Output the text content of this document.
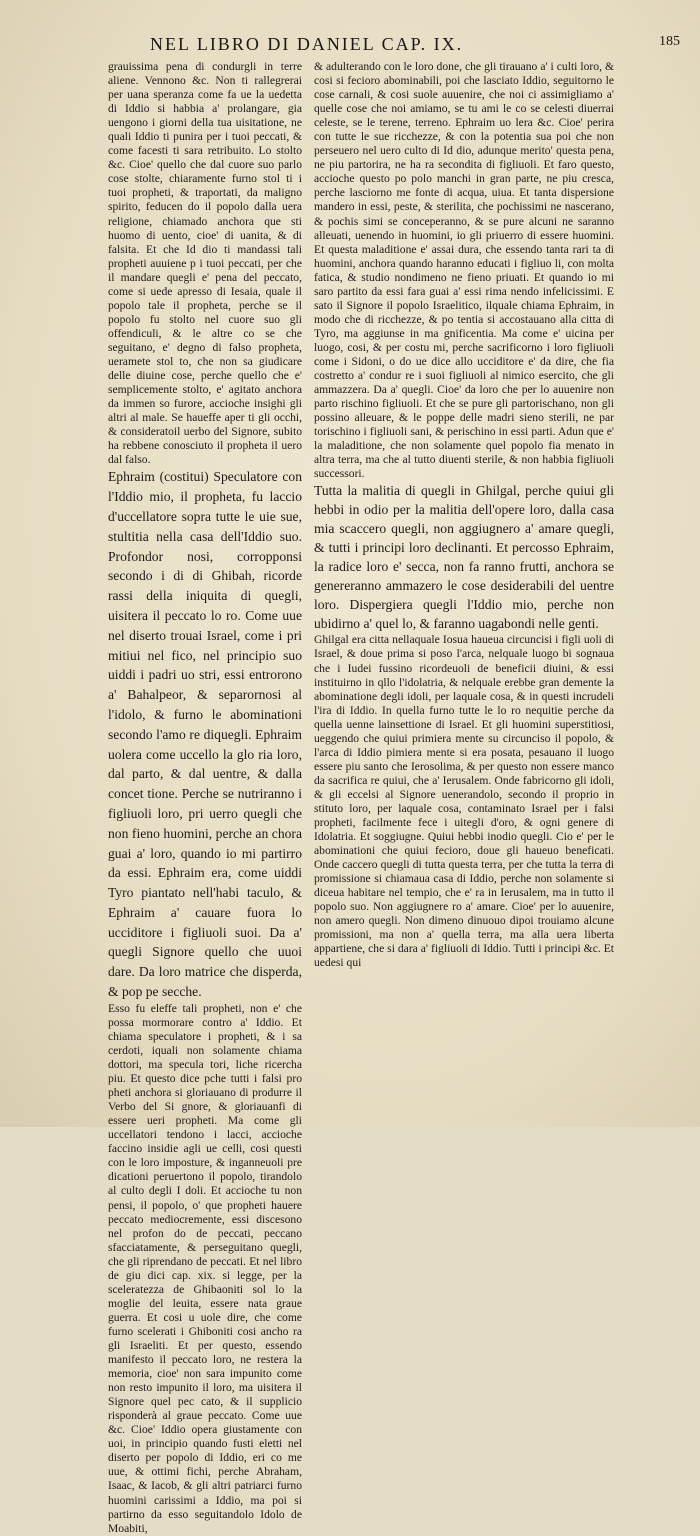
NEL LIBRO DI DANIEL CAP. IX.	185

grauissima pena di condurgli in terre aliene. Vennono &c. Non ti rallegrerai per uana speranza come fa ue la uedetta di Iddio si habbia a' prolangare, gia uengono i giorni della tua uisitatione, ne quali Iddio ti punira per i tuoi peccati, & come facesti ti sara retribuito. Lo stolto &c. Cioe' quello che dal cuore suo parlo cose stolte, chiaramente furno stol ti i tuoi propheti, & traportati, da maligno spirito, feducen do il popolo dalla uera religione, chiamado anchora que sti huomo di uento, cioe' di uanita, & di falsita. Et che Id dio ti mandassi tali propheti auuiene p i tuoi peccati, per che il mandare quegli e' pena del peccato, come si uede apresso di Iesaia, quale il popolo tale il propheta, perche se il popolo fu stolto nel cuore suo gli offendiculi, & le altre co se che seguitano, e' degno di falso propheta, ueramete stol to, che non sa giudicare delle diuine cose, perche quello che e' semplicemente stolto, e' agitato anchora da immen so furore, accioche insighi gli altri al male. Se haueffe aper ti gli occhi, & consideratoil uerbo del Signore, subito ha rebbene conosciuto il propheta il uero dal falso.

Ephraim (costitui) Speculatore con l'Iddio mio, il propheta, fu laccio d'uccellatore sopra tutte le uie sue, stultitia nella casa dell'Iddio suo. Profondor nosi, corropponsi secondo i di di Ghibah, ricorde rassi della iniquita di quegli, uisitera il peccato lo ro. Come uue nel diserto trouai Israel, come i pri mitiui nel fico, nel principio suo uiddi i padri uo stri, essi entrorono a' Bahalpeor, & separornosi al l'idolo, & furno le abominationi secondo l'amo re diquegli. Ephraim uolera come uccello la glo ria loro, dal parto, & dal uentre, & dalla concet tione. Perche se nutriranno i figliuoli loro, pri uerro quegli che non fieno huomini, perche an chora guai a' loro, quando io mi partirro da essi. Ephraim era, come uiddi Tyro piantato nell'habi taculo, & Ephraim a' cauare fuora lo ucciditore i figliuoli suoi. Da a' quegli Signore quello che uuoi dare. Da loro matrice che disperda, & pop pe secche.

Esso fu eleffe tali propheti, non e' che possa mormorare contro a' Iddio. Et chiama speculatore i propheti, & i sa cerdoti, iquali non solamente chiama dottori, ma specula tori, liche ricercha piu. Et questo dice pche tutti i falsi pro pheti anchora si gloriauano di produrre il Verbo del Si gnore, & gloriauanfi di essere ueri propheti. Ma come gli uccellatori tendono i lacci, accioche faccino insidie agli ue celli, cosi questi con le loro imposture, & inganneuoli pre dicationi peruertono il popolo, tirandolo al culto degli I doli. Et accioche tu non pensi, il popolo, o' que propheti hauere peccato mediocremente, essi discesono nel profon do de peccati, peccano sfacciatamente, & perseguitano quegli, che gli riprendano de peccati. Et nel libro de giu dici cap. xix. si legge, per la sceleratezza de Ghibaoniti sol lo la moglie del leuita, essere nata graue guerra. Et cosi u uole dire, che come furno scelerati i Ghiboniti cosi ancho ra gli Israeliti. Et per questo, essendo manifesto il peccato loro, ne restera la memoria, cioe' non sara impunito come non resto impunito il loro, ma uisitera il Signore quel pec cato, & il supplicio risponderà al graue peccato. Come uue &c. Cioe' Iddio opera giustamente con uoi, in principio quando fusti eletti nel diserto per popolo di Iddio, eri co me uue, & ottimi fichi, perche Abraham, Isaac, & Iacob, & gli altri patriarci furno huomini carissimi a Iddio, ma poi si partirno da esso seguitandolo Idolo de Moabiti,

& adulterando con le loro done, che gli tirauano a' i culti loro, & cosi si fecioro abominabili, poi che lasciato Iddio, seguitorno le cose carnali, & cosi suole auuenire, che noi ci assimigliamo a' quelle cose che noi amiamo, se tu ami le co se celesti diuerrai celeste, se le terene, terreno. Ephraim uo lera &c. Cioe' perira con tutte le sue ricchezze, & con la potentia sua poi che non perseuero nel uero culto di Id dio, adunque merito' questa pena, ne piu partorira, ne ha ra secondita di figliuoli. Et faro questo, accioche questo po polo manchi in gran parte, ne piu cresca, perche lasciorno me fonte di acqua, uiua. Et tanta dispersione mandero in essi, peste, & sterilita, che pochissimi ne nascerano, & pochis simi se conceperanno, & se pure alcuni ne saranno alleuati, uenendo in huomini, io gli priuerro di essere huomini. Et questa maladitione e' assai dura, che essendo tanta rari ta di huomini, anchora quando haranno educati i figliuo li, con molta fatica, & studio nondimeno ne fieno priuati. Et quando io mi saro partito da essi fara guai a' essi rima nendo infelicissimi. E sato il Signore il popolo Israelitico, ilquale chiama Ephraim, in modo che di ricchezze, & po tentia si accostauano alla citta di Tyro, ma aggiunse in ma gnificentia. Ma come e' uicina per luogo, cosi, & per costu mi, perche sacrificorno i loro figliuoli come i Sidoni, o do ue dice allo ucciditore e' da dire, che fia costretto a' condur re i suoi figliuoli al nimico esercito, che gli ammazzera. Da a' quegli. Cioe' da loro che per lo auuenire non parto rischino figliuoli. Et che se pure gli partorischano, non gli possino alleuare, & le poppe delle madri sieno sterili, ne par torischino i figliuoli sani, & perischino in essi parti. Adun que e' la maladitione, che non solamente quel popolo fia menato in altra terra, ma che al tutto diuenti sterile, & non habbia figliuoli successori.

Tutta la malitia di quegli in Ghilgal, perche quiui gli hebbi in odio per la malitia dell'opere loro, dalla casa mia scaccero quegli, non aggiugnero a' amare quegli, & tutti i principi loro declinanti. Et percosso Ephraim, la radice loro e' secca, non fa ranno frutti, anchora se genereranno ammazero le cose desiderabili del uentre loro. Dispergiera quegli l'Iddio mio, perche non ubidirno a' quel lo, & faranno uagabondi nelle genti.

Ghilgal era citta nellaquale Iosua haueua circuncisi i figli uoli di Israel, & doue prima si poso l'arca, nelquale luogo bi sognaua che i Iudei fussino ricordeuoli de beneficii diuini, & essi instituirno in qllo l'idolatria, & nelquale erebbe gran demente la abominatione degli idoli, per laquale cosa, & in questi incrudeli l'ira di Iddio. In quella furno tutte le lo ro nequitie perche da quella uenne lainsettione di Israel. Et gli huomini superstitiosi, ueggendo che quiui primiera mente su circunciso il popolo, & l'arca di Iddio pimiera mente si era posata, pesauano il luogo essere piu santo che Ierosolima, & per questo non essere manco da sacrifica re quiui, che a' Ierusalem. Onde fabricorno gli idoli, & gli eccelsi al Signore uenerandolo, secondo il proprio in stituto loro, per laquale cosa, contaminato Israel per i falsi propheti, facilmente fece i uitegli d'oro, & ogni genere di Idolatria. Et soggiugne. Quiui hebbi inodio quegli. Cio e' per le abominationi che quiui fecioro, doue gli haueuo beneficati. Onde caccero quegli di tutta questa terra, per che tutta la terra di promissione si chiamaua casa di Iddio, perche non solamente si diceua habitare nel tempio, che e' ra in Ierusalem, ma in tutto il popolo suo. Non aggiugnere ro a' amare. Cioe' per lo auuenire, non amero quegli. Non dimeno dinuouo dipoi trouiamo alcune promissioni, ma non a' quella terra, ma alla uera liberta appartiene, che si dara a' figliuoli di Iddio. Tutti i principi &c. Et uedesi qui
